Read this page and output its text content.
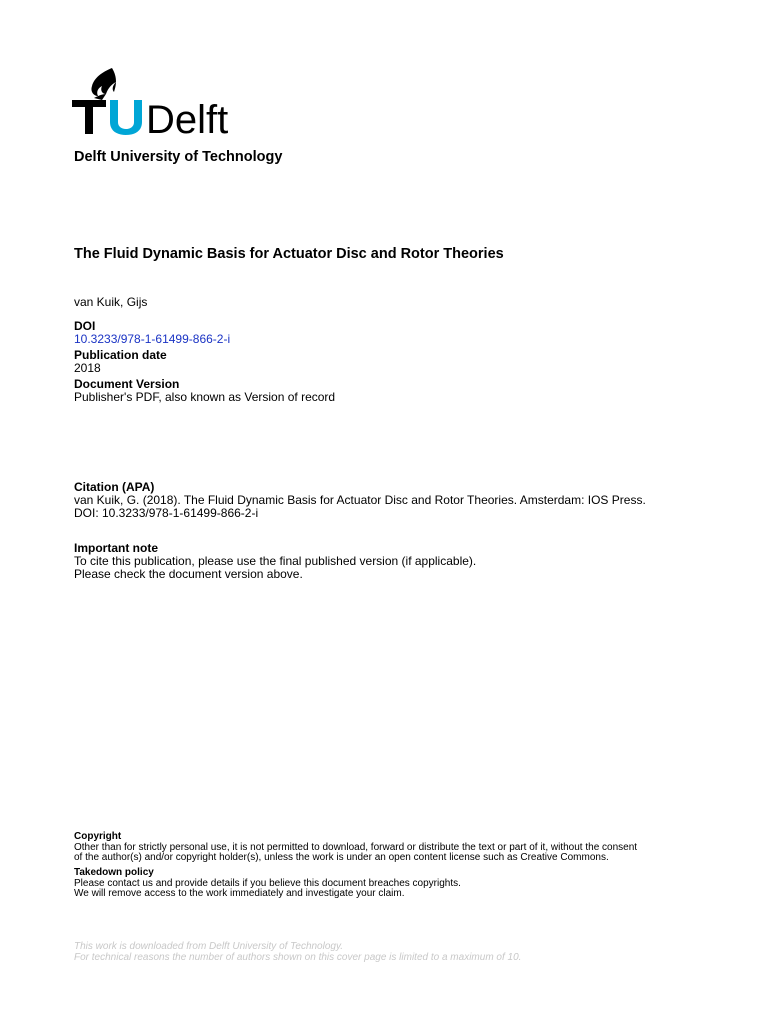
Delft
Delft University of Technology
The Fluid Dynamic Basis for Actuator Disc and Rotor Theories
van Kuik, Gijs
DOI
10.3233/978-1-61499-866-2-i
Publication date
2018
Document Version
Publisher's PDF, also known as Version of record
Citation (APA)
van Kuik, G. (2018). The Fluid Dynamic Basis for Actuator Disc and Rotor Theories. Amsterdam: IOS Press.
DOI: 10.3233/978-1-61499-866-2-i
Important note
To cite this publication, please use the final published version (if applicable).
Please check the document version above.
Copyright
Other than for strictly personal use, it is not permitted to download, forward or distribute the text or part of it, without the consent
of the author(s) and/or copyright holder(s), unless the work is under an open content license such as Creative Commons.
Takedown policy
Please contact us and provide details if you believe this document breaches copyrights.
We will remove access to the work immediately and investigate your claim.
This work is downloaded from Delft University of Technology.
For technical reasons the number of authors shown on this cover page is limited to a maximum of 10.
